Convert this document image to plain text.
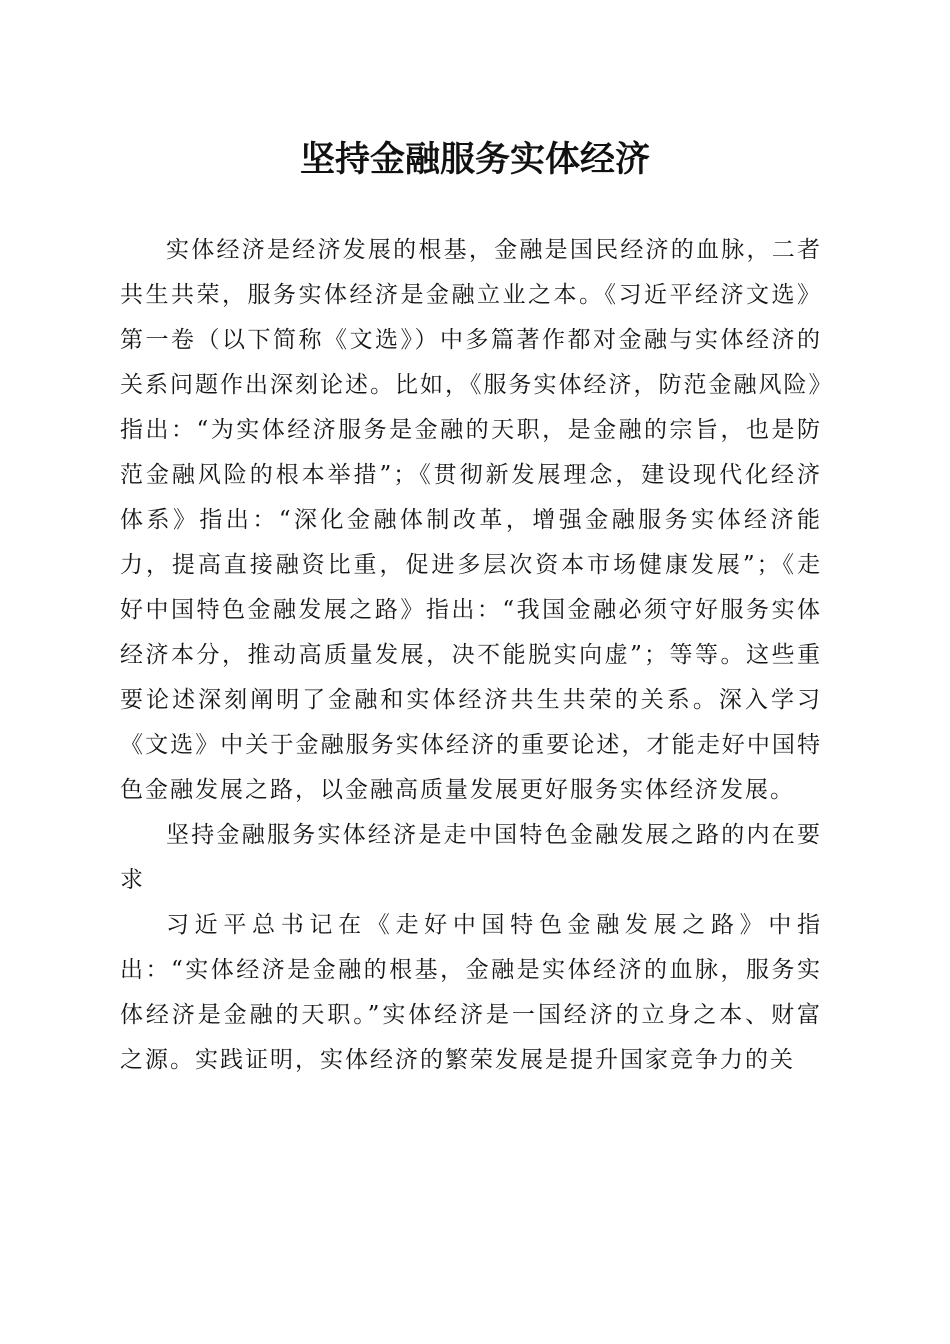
坚持金融服务实体经济

实体经济是经济发展的根基，金融是国民经济的血脉，二者共生共荣，服务实体经济是金融立业之本。《习近平经济文选》第一卷（以下简称《文选》）中多篇著作都对金融与实体经济的关系问题作出深刻论述。比如，《服务实体经济，防范金融风险》指出：“为实体经济服务是金融的天职，是金融的宗旨，也是防范金融风险的根本举措”；《贯彻新发展理念，建设现代化经济体系》指出：“深化金融体制改革，增强金融服务实体经济能力，提高直接融资比重，促进多层次资本市场健康发展”；《走好中国特色金融发展之路》指出：“我国金融必须守好服务实体经济本分，推动高质量发展，决不能脱实向虚”；等等。这些重要论述深刻阐明了金融和实体经济共生共荣的关系。深入学习《文选》中关于金融服务实体经济的重要论述，才能走好中国特色金融发展之路，以金融高质量发展更好服务实体经济发展。

坚持金融服务实体经济是走中国特色金融发展之路的内在要求

习近平总书记在《走好中国特色金融发展之路》中指出：“实体经济是金融的根基，金融是实体经济的血脉，服务实体经济是金融的天职。”实体经济是一国经济的立身之本、财富之源。实践证明，实体经济的繁荣发展是提升国家竞争力的关
